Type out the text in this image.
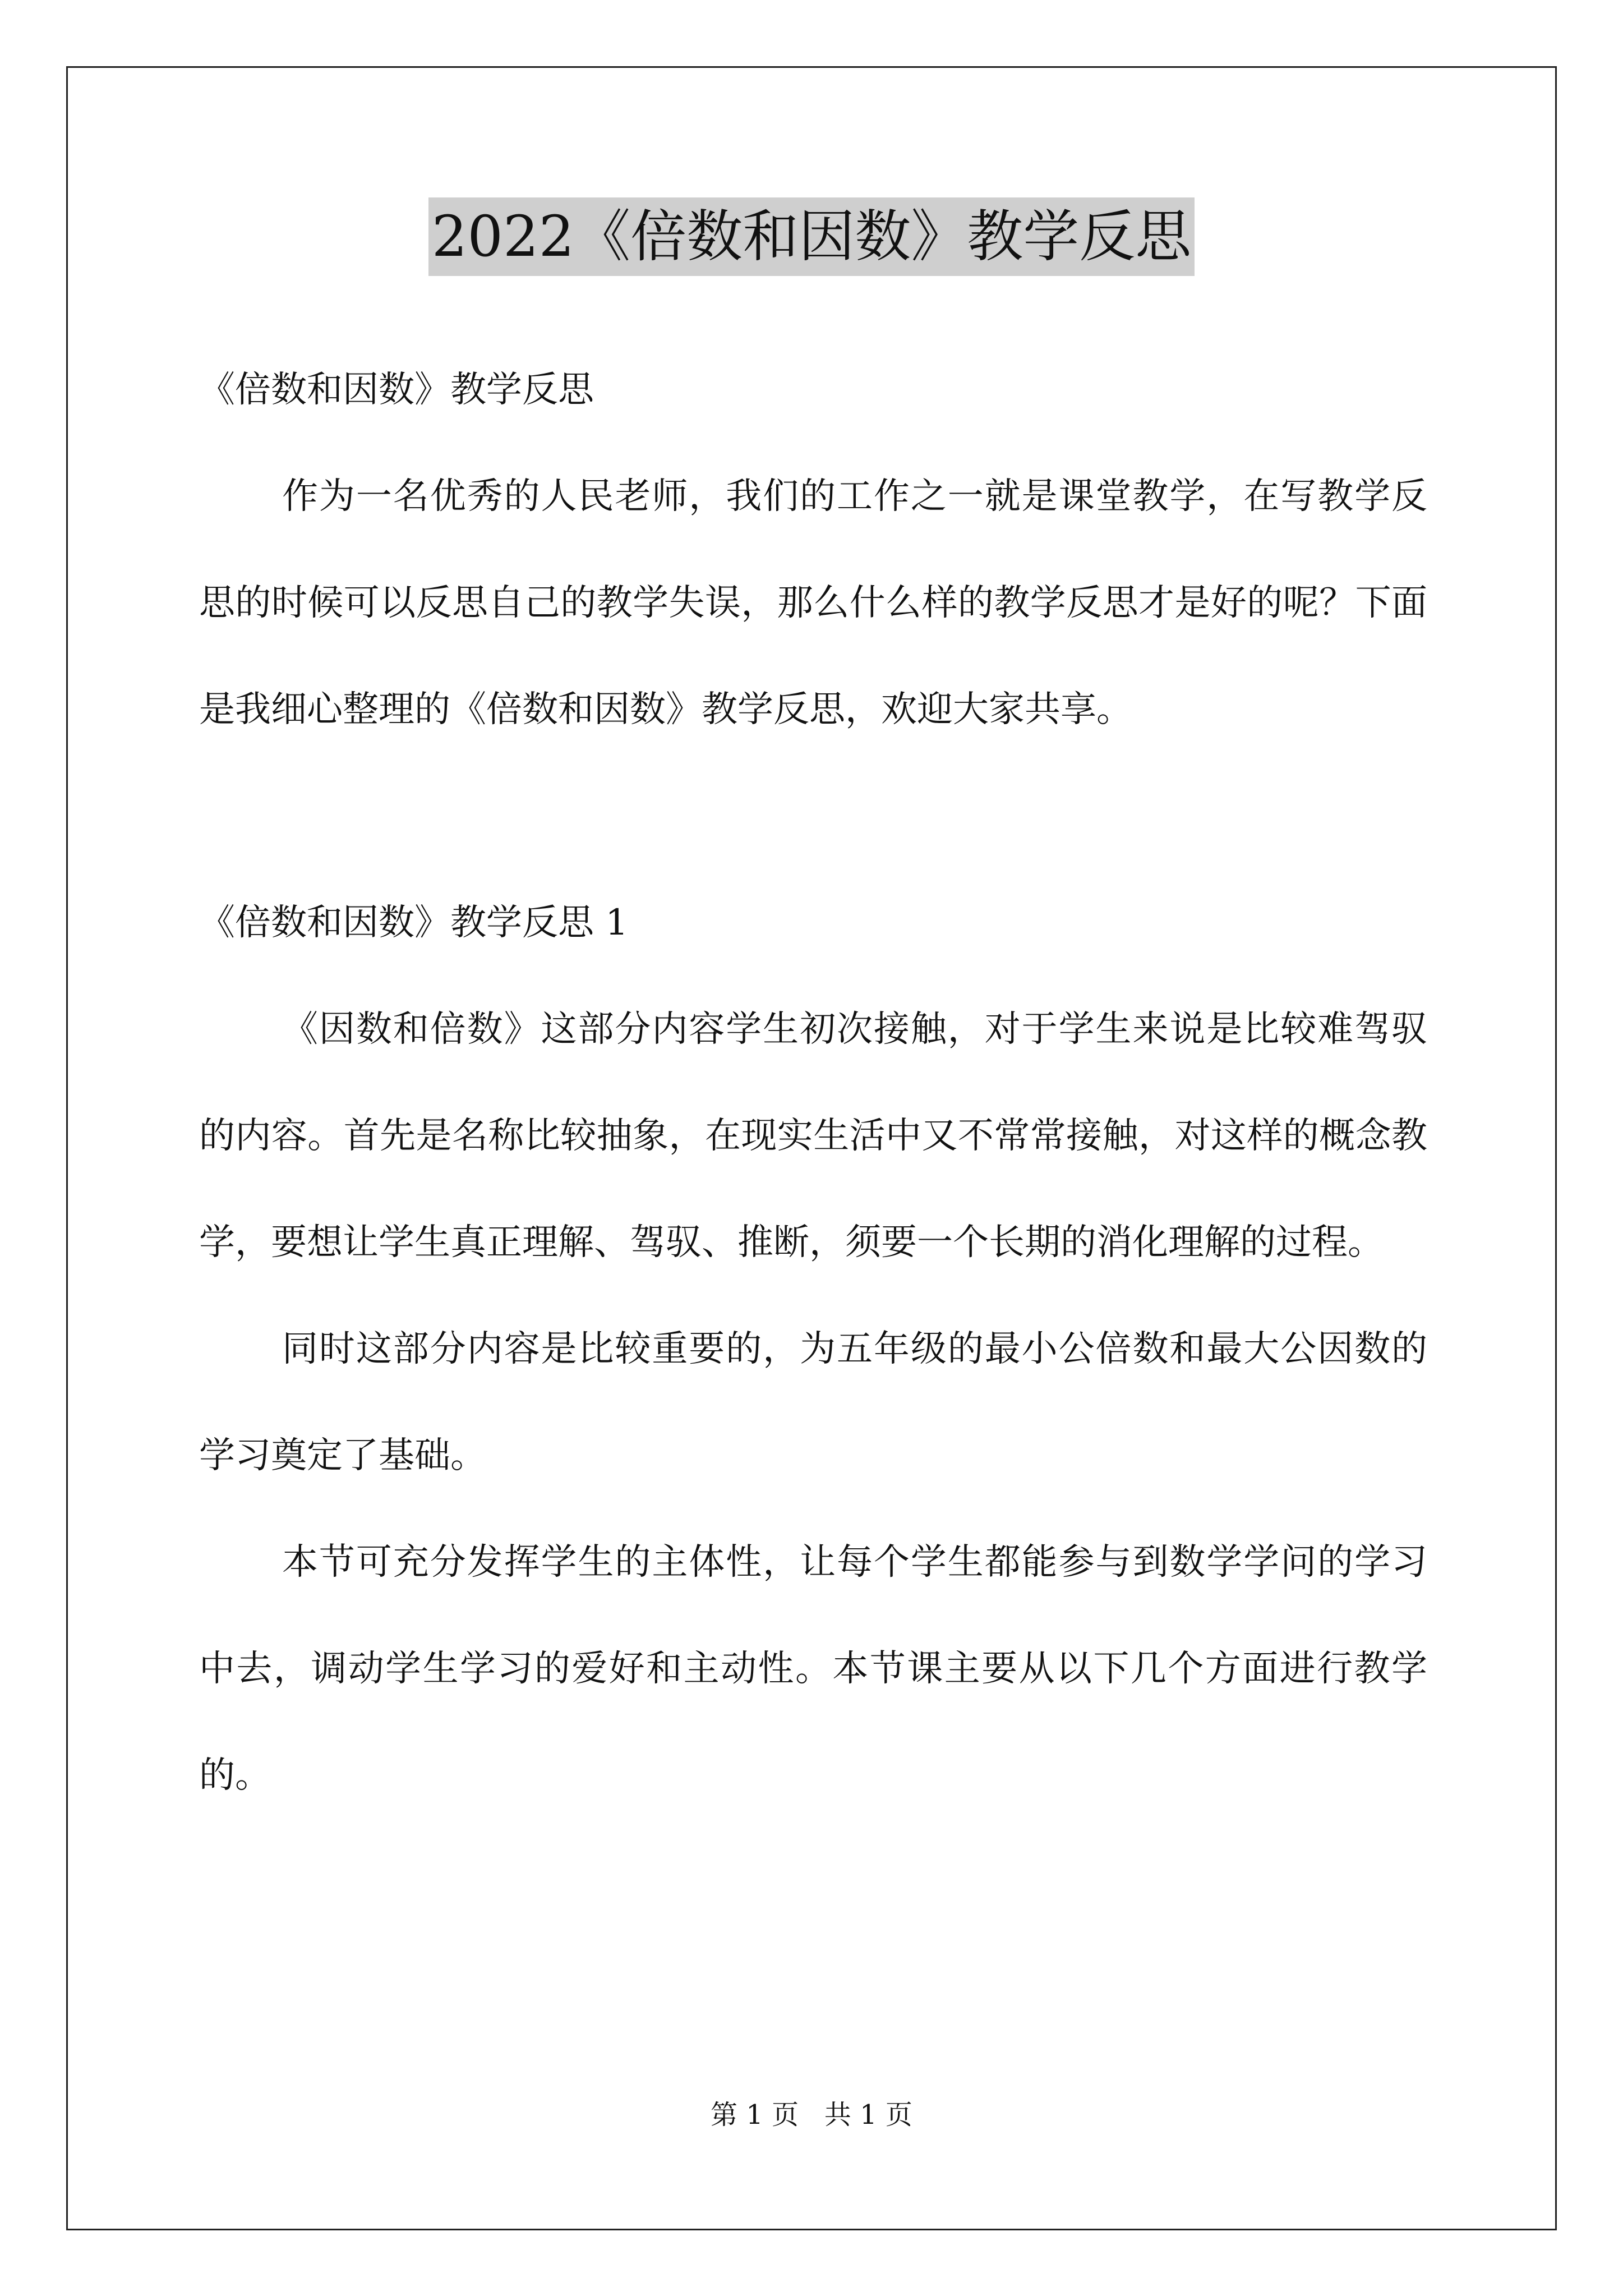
2022《倍数和因数》教学反思

《倍数和因数》教学反思

作为一名优秀的人民老师，我们的工作之一就是课堂教学，在写教学反思的时候可以反思自己的教学失误，那么什么样的教学反思才是好的呢？下面是我细心整理的《倍数和因数》教学反思，欢迎大家共享。

《倍数和因数》教学反思 1

《因数和倍数》这部分内容学生初次接触，对于学生来说是比较难驾驭的内容。首先是名称比较抽象，在现实生活中又不常常接触，对这样的概念教学，要想让学生真正理解、驾驭、推断，须要一个长期的消化理解的过程。

同时这部分内容是比较重要的，为五年级的最小公倍数和最大公因数的学习奠定了基础。

本节可充分发挥学生的主体性，让每个学生都能参与到数学学问的学习中去，调动学生学习的爱好和主动性。本节课主要从以下几个方面进行教学的。

第 1 页   共 1 页
